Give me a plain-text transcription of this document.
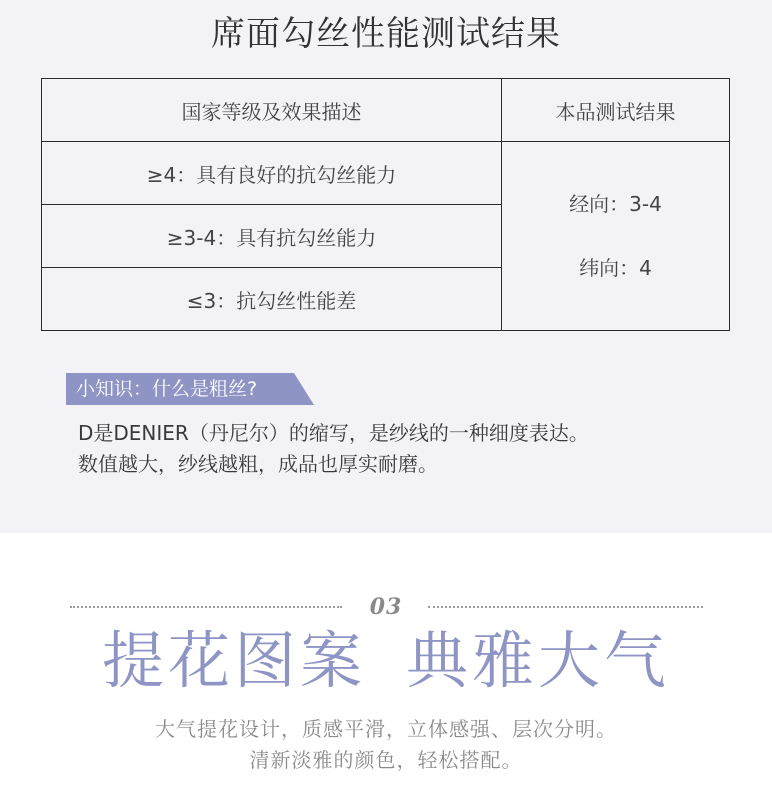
席面勾丝性能测试结果
国家等级及效果描述	本品测试结果
≥4：具有良好的抗勾丝能力	经向：3-4
纬向：4

≥3-4：具有抗勾丝能力	
≤3：抗勾丝性能差	
小知识：什么是粗丝?
D是DENIER（丹尼尔）的缩写，是纱线的一种细度表达。
数值越大，纱线越粗，成品也厚实耐磨。
03
提花图案 典雅大气
大气提花设计，质感平滑，立体感强、层次分明。
清新淡雅的颜色，轻松搭配。
